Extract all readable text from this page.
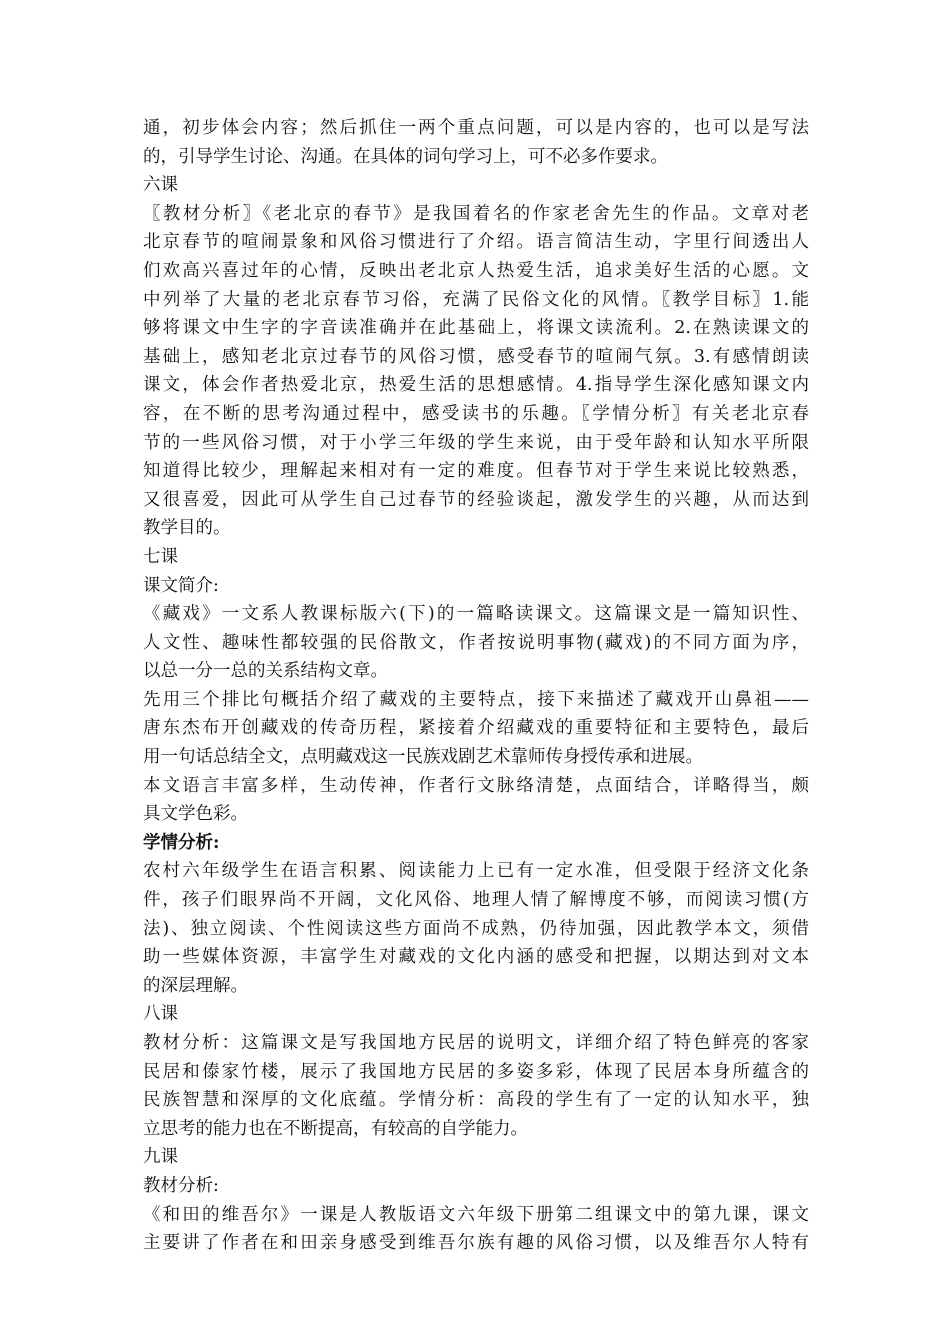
通，初步体会内容；然后抓住一两个重点问题，可以是内容的，也可以是写法
的，引导学生讨论、沟通。在具体的词句学习上，可不必多作要求。
六课
〖教材分析〗《老北京的春节》是我国着名的作家老舍先生的作品。文章对老
北京春节的喧闹景象和风俗习惯进行了介绍。语言简洁生动，字里行间透出人
们欢高兴喜过年的心情，反映出老北京人热爱生活，追求美好生活的心愿。文
中列举了大量的老北京春节习俗，充满了民俗文化的风情。〖教学目标〗1.能
够将课文中生字的字音读准确并在此基础上，将课文读流利。2.在熟读课文的
基础上，感知老北京过春节的风俗习惯，感受春节的喧闹气氛。3.有感情朗读
课文，体会作者热爱北京，热爱生活的思想感情。4.指导学生深化感知课文内
容，在不断的思考沟通过程中，感受读书的乐趣。〖学情分析〗有关老北京春
节的一些风俗习惯，对于小学三年级的学生来说，由于受年龄和认知水平所限
知道得比较少，理解起来相对有一定的难度。但春节对于学生来说比较熟悉，
又很喜爱，因此可从学生自己过春节的经验谈起，激发学生的兴趣，从而达到
教学目的。
七课
课文简介:
《藏戏》一文系人教课标版六(下)的一篇略读课文。这篇课文是一篇知识性、
人文性、趣味性都较强的民俗散文，作者按说明事物(藏戏)的不同方面为序，
以总一分一总的关系结构文章。
先用三个排比句概括介绍了藏戏的主要特点，接下来描述了藏戏开山鼻祖——
唐东杰布开创藏戏的传奇历程，紧接着介绍藏戏的重要特征和主要特色，最后
用一句话总结全文，点明藏戏这一民族戏剧艺术靠师传身授传承和进展。
本文语言丰富多样，生动传神，作者行文脉络清楚，点面结合，详略得当，颇
具文学色彩。
学情分析:
农村六年级学生在语言积累、阅读能力上已有一定水准，但受限于经济文化条
件，孩子们眼界尚不开阔，文化风俗、地理人情了解博度不够，而阅读习惯(方
法)、独立阅读、个性阅读这些方面尚不成熟，仍待加强，因此教学本文，须借
助一些媒体资源，丰富学生对藏戏的文化内涵的感受和把握，以期达到对文本
的深层理解。
八课
教材分析：这篇课文是写我国地方民居的说明文，详细介绍了特色鲜亮的客家
民居和傣家竹楼，展示了我国地方民居的多姿多彩，体现了民居本身所蕴含的
民族智慧和深厚的文化底蕴。学情分析：高段的学生有了一定的认知水平，独
立思考的能力也在不断提高，有较高的自学能力。
九课
教材分析:
《和田的维吾尔》一课是人教版语文六年级下册第二组课文中的第九课，课文
主要讲了作者在和田亲身感受到维吾尔族有趣的风俗习惯，以及维吾尔人特有
